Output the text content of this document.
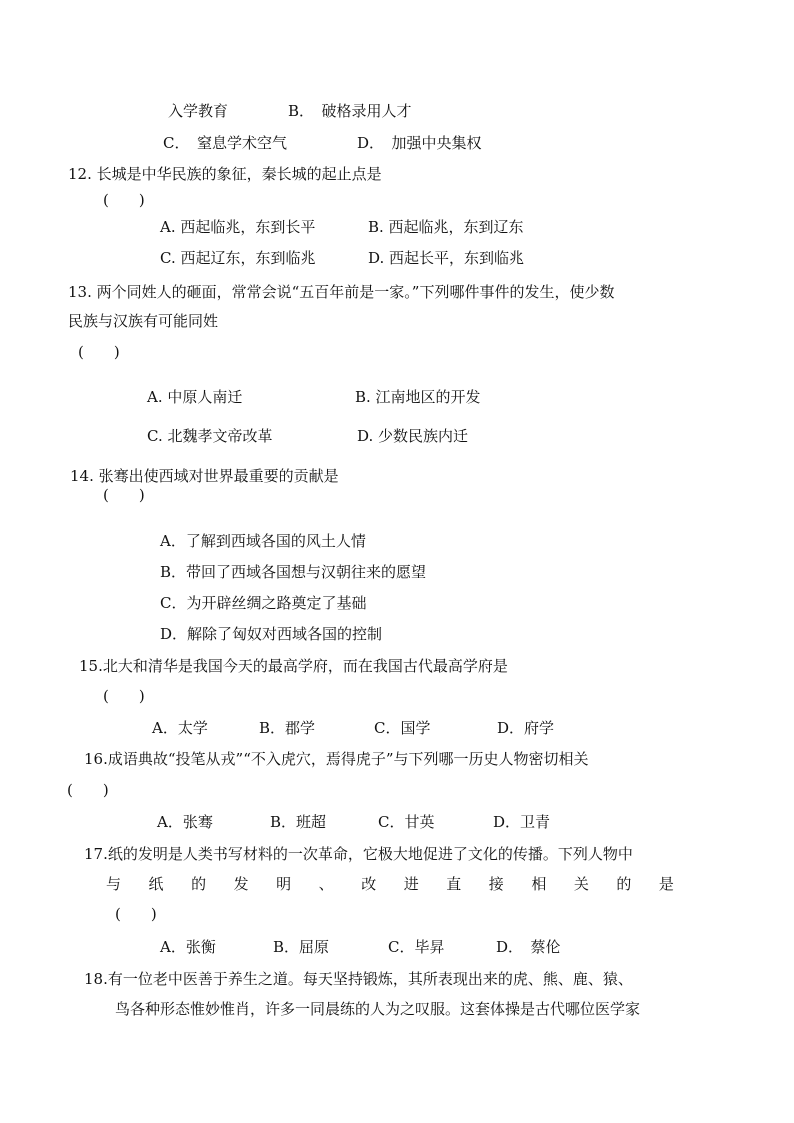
入学教育	B．　破格录用人才
C．　窒息学术空气	D．　加强中央集权
12. 长城是中华民族的象征，秦长城的起止点是
(　　)
A. 西起临兆，东到长平	B. 西起临兆，东到辽东
C. 西起辽东，东到临兆	D. 西起长平，东到临兆
13. 两个同姓人的砸面，常常会说“五百年前是一家。”下列哪件事件的发生，使少数
民族与汉族有可能同姓
(　　)
A. 中原人南迁	B. 江南地区的开发
C. 北魏孝文帝改革	D. 少数民族内迁
14. 张骞出使西域对世界最重要的贡献是
(　　)
A．了解到西域各国的风土人情
B．带回了西域各国想与汉朝往来的愿望
C．为开辟丝绸之路奠定了基础
D．解除了匈奴对西域各国的控制
15.北大和清华是我国今天的最高学府，而在我国古代最高学府是
(　　)
A．太学	B．郡学	C．国学	D．府学
16.成语典故“投笔从戎”“不入虎穴，焉得虎子”与下列哪一历史人物密切相关
(　　)
A．张骞	B．班超	C．甘英	D．卫青
17.纸的发明是人类书写材料的一次革命，它极大地促进了文化的传播。下列人物中
与 纸 的 发 明 、 改 进 直 接 相 关 的 是
(　　)
A．张衡	B．屈原	C．毕昇	D．　蔡伦
18.有一位老中医善于养生之道。每天坚持锻炼，其所表现出来的虎、熊、鹿、猿、
鸟各种形态惟妙惟肖，许多一同晨练的人为之叹服。这套体操是古代哪位医学家
